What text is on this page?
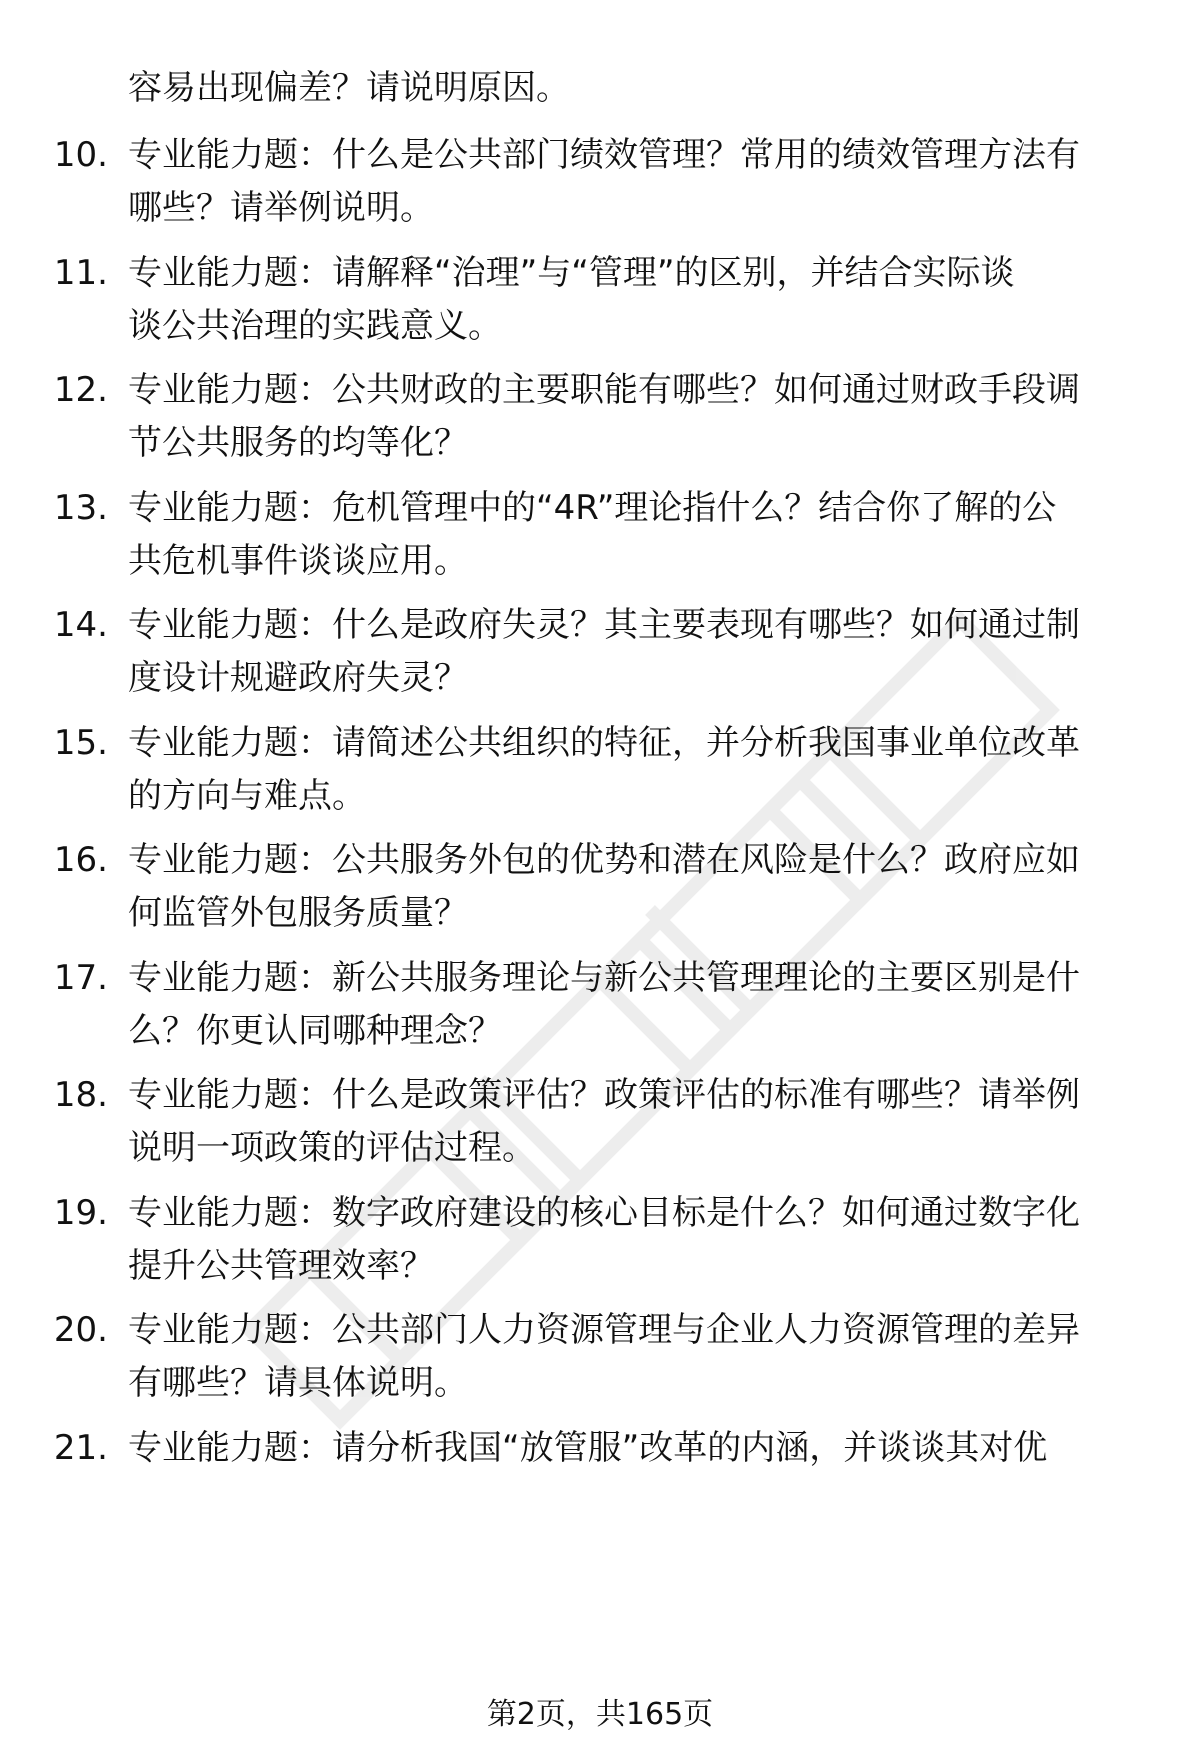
容易出现偏差？请说明原因。
10. 专业能力题：什么是公共部门绩效管理？常用的绩效管理方法有
哪些？请举例说明。
11. 专业能力题：请解释“治理”与“管理”的区别，并结合实际谈
谈公共治理的实践意义。
12. 专业能力题：公共财政的主要职能有哪些？如何通过财政手段调
节公共服务的均等化？
13. 专业能力题：危机管理中的“4R”理论指什么？结合你了解的公
共危机事件谈谈应用。
14. 专业能力题：什么是政府失灵？其主要表现有哪些？如何通过制
度设计规避政府失灵？
15. 专业能力题：请简述公共组织的特征，并分析我国事业单位改革
的方向与难点。
16. 专业能力题：公共服务外包的优势和潜在风险是什么？政府应如
何监管外包服务质量？
17. 专业能力题：新公共服务理论与新公共管理理论的主要区别是什
么？你更认同哪种理念？
18. 专业能力题：什么是政策评估？政策评估的标准有哪些？请举例
说明一项政策的评估过程。
19. 专业能力题：数字政府建设的核心目标是什么？如何通过数字化
提升公共管理效率？
20. 专业能力题：公共部门人力资源管理与企业人力资源管理的差异
有哪些？请具体说明。
21. 专业能力题：请分析我国“放管服”改革的内涵，并谈谈其对优
第2页，共165页
